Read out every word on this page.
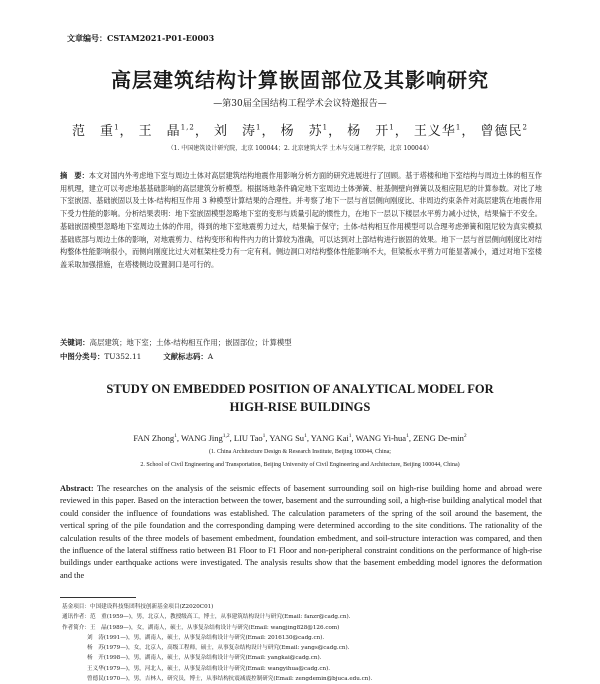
文章编号：CSTAM2021-P01-E0003
高层建筑结构计算嵌固部位及其影响研究
—第30届全国结构工程学术会议特邀报告—
范　重$^1$， 王　晶$^{1,2}$， 刘　涛$^1$， 杨　苏$^1$， 杨　开$^1$， 王义华$^1$， 曾德民$^2$
（1. 中国建筑设计研究院，北京 100044；2. 北京建筑大学 土木与交通工程学院，北京 100044）
摘　要：本文对国内外考虑地下室与周边土体对高层建筑结构地震作用影响分析方面的研究进展进行了回顾。基于塔楼和地下室结构与周边土体的相互作用机理，建立可以考虑地基基础影响的高层建筑分析模型。根据场地条件确定地下室周边土体弹簧、桩基侧壁向弹簧以及相应阻尼的计算参数。对比了地下室嵌固、基础嵌固以及土体-结构相互作用 3 种模型计算结果的合理性。并考察了地下一层与首层侧向刚度比、非周边约束条件对高层建筑在地震作用下受力性能的影响。分析结果表明：地下室嵌固模型忽略地下室的变形与质量引起的惯性力，在地下一层以下楼层水平剪力减小过快，结果偏于不安全。基础嵌固模型忽略地下室周边土体的作用，得到的地下室地震剪力过大，结果偏于保守；土体-结构相互作用模型可以合理考虑弹簧和阻尼较为真实模拟基础底部与周边土体的影响，对地震剪力、结构变形和构件内力的计算较为准确，可以达到对上部结构进行嵌固的效果。地下一层与首层侧向刚度比对结构整体性能影响很小，而侧向刚度比过大对框架柱受力有一定有利。侧边洞口对结构整体性能影响不大，但梁板水平剪力可能显著减小，通过对地下室楼盖采取加强措施，在塔楼侧边设置洞口是可行的。
关键词：高层建筑；地下室；土体-结构相互作用；嵌固部位；计算模型
中图分类号：TU352.11	文献标志码：A
STUDY ON EMBEDDED POSITION OF ANALYTICAL MODEL FOR
HIGH-RISE BUILDINGS
FAN Zhong$^1$, WANG Jing$^{1,2}$, LIU Tao$^1$, YANG Su$^1$, YANG Kai$^1$, WANG Yi-hua$^1$, ZENG $De-\min^2$
(1. China Architecture Design & Research Institute, Beijing 100044, China;
2. School of Civil Engineering and Transportation, Beijing University of Civil Engineering and Architecture, Beijing 100044, China)
Abstract: The researches on the analysis of the seismic effects of basement surrounding soil on high-rise building home and abroad were reviewed in this paper. Based on the interaction between the tower, basement and the surrounding soil, a high-rise building analytical model that could consider the influence of foundations was established. The calculation parameters of the spring of the soil around the basement, the vertical spring of the pile foundation and the corresponding damping were determined according to the site conditions. The rationality of the calculation results of the three models of basement embedment, foundation embedment, and soil-structure interaction was compared, and then the influence of the lateral stiffness ratio between B1 Floor to F1 Floor and non-peripheral constraint conditions on the performance of high-rise buildings under earthquake actions were investigated. The analysis results show that the basement embedding model ignores the deformation and the
基金项目：中国建设科技集团科技创新基金项目(Z2020C01)
通讯作者：范　重(1959—)，男，北京人，教授级高工，博士，从事建筑结构设计与研究(Email: fanzr@cadg.cn).
作者简介：王　晶(1989—)，女，湖南人，硕士，从事复杂结构设计与研究(Email: wangjing828@126.com)
刘　涛(1991—)，男，湖南人，硕士，从事复杂结构设计与研究(Email: 2016130@cadg.cn).
杨　苏(1979—)，女，北京人，高级工程师，硕士，从事复杂结构设计与研究(Email: yangs@cadg.cn).
杨　开(1998—)，男，湖南人，硕士，从事复杂结构设计与研究(Email: yangkai@cadg.cn).
王义华(1979—)，男，河北人，硕士，从事复杂结构设计与研究(Email: wangyihua@cadg.cn).
曾德民(1970—)，男，吉林人，研究员，博士，从事结构抗震减震控制研究(Email: zengdemin@bjuca.edu.cn).
